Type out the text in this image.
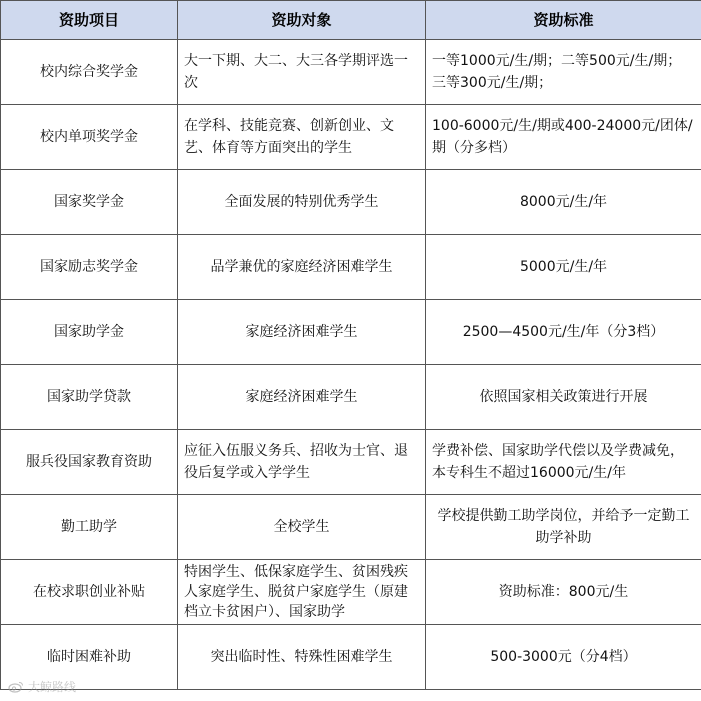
资助项目	资助对象	资助标准
校内综合奖学金	大一下期、大二、大三各学期评选一次	一等1000元/生/期；二等500元/生/期；三等300元/生/期；
校内单项奖学金	在学科、技能竞赛、创新创业、文艺、体育等方面突出的学生	100-6000元/生/期或400-24000元/团体/期（分多档）
国家奖学金	全面发展的特别优秀学生	8000元/生/年
国家励志奖学金	品学兼优的家庭经济困难学生	5000元/生/年
国家助学金	家庭经济困难学生	2500—4500元/生/年（分3档）
国家助学贷款	家庭经济困难学生	依照国家相关政策进行开展
服兵役国家教育资助	应征入伍服义务兵、招收为士官、退役后复学或入学学生	学费补偿、国家助学代偿以及学费减免，本专科生不超过16000元/生/年
勤工助学	全校学生	学校提供勤工助学岗位，并给予一定勤工助学补助
在校求职创业补贴	特困学生、低保家庭学生、贫困残疾人家庭学生、脱贫户家庭学生（原建档立卡贫困户）、国家助学	资助标准：800元/生
临时困难补助	突出临时性、特殊性困难学生	500-3000元（分4档）
大鲸路线
